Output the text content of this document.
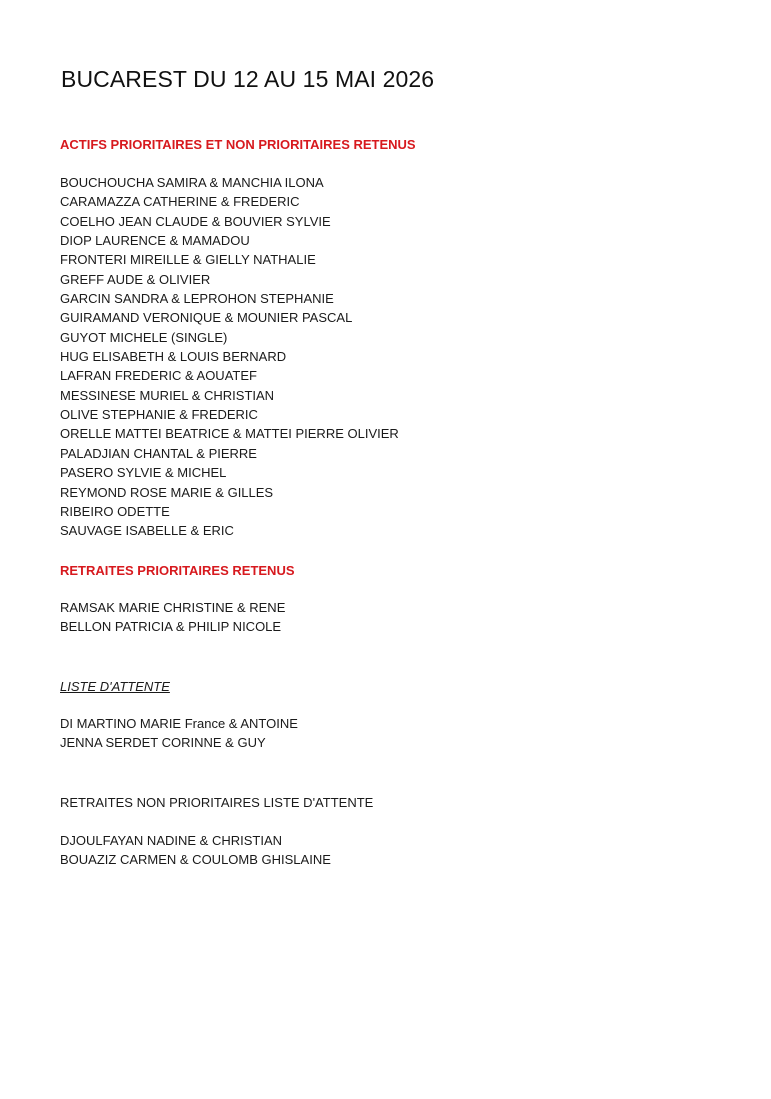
BUCAREST DU 12 AU 15 MAI 2026
ACTIFS PRIORITAIRES ET NON PRIORITAIRES RETENUS
BOUCHOUCHA SAMIRA & MANCHIA ILONA
CARAMAZZA CATHERINE & FREDERIC
COELHO JEAN CLAUDE & BOUVIER SYLVIE
DIOP LAURENCE & MAMADOU
FRONTERI MIREILLE & GIELLY NATHALIE
GREFF AUDE & OLIVIER
GARCIN SANDRA & LEPROHON STEPHANIE
GUIRAMAND VERONIQUE & MOUNIER PASCAL
GUYOT MICHELE (SINGLE)
HUG ELISABETH & LOUIS BERNARD
LAFRAN FREDERIC & AOUATEF
MESSINESE MURIEL & CHRISTIAN
OLIVE STEPHANIE & FREDERIC
ORELLE MATTEI BEATRICE & MATTEI PIERRE OLIVIER
PALADJIAN CHANTAL & PIERRE
PASERO SYLVIE & MICHEL
REYMOND ROSE MARIE & GILLES
RIBEIRO ODETTE
SAUVAGE ISABELLE & ERIC
RETRAITES PRIORITAIRES RETENUS
RAMSAK MARIE CHRISTINE & RENE
BELLON PATRICIA & PHILIP NICOLE
LISTE D'ATTENTE
DI MARTINO MARIE France & ANTOINE
JENNA SERDET CORINNE & GUY
RETRAITES NON PRIORITAIRES LISTE D'ATTENTE
DJOULFAYAN NADINE & CHRISTIAN
BOUAZIZ CARMEN & COULOMB GHISLAINE
